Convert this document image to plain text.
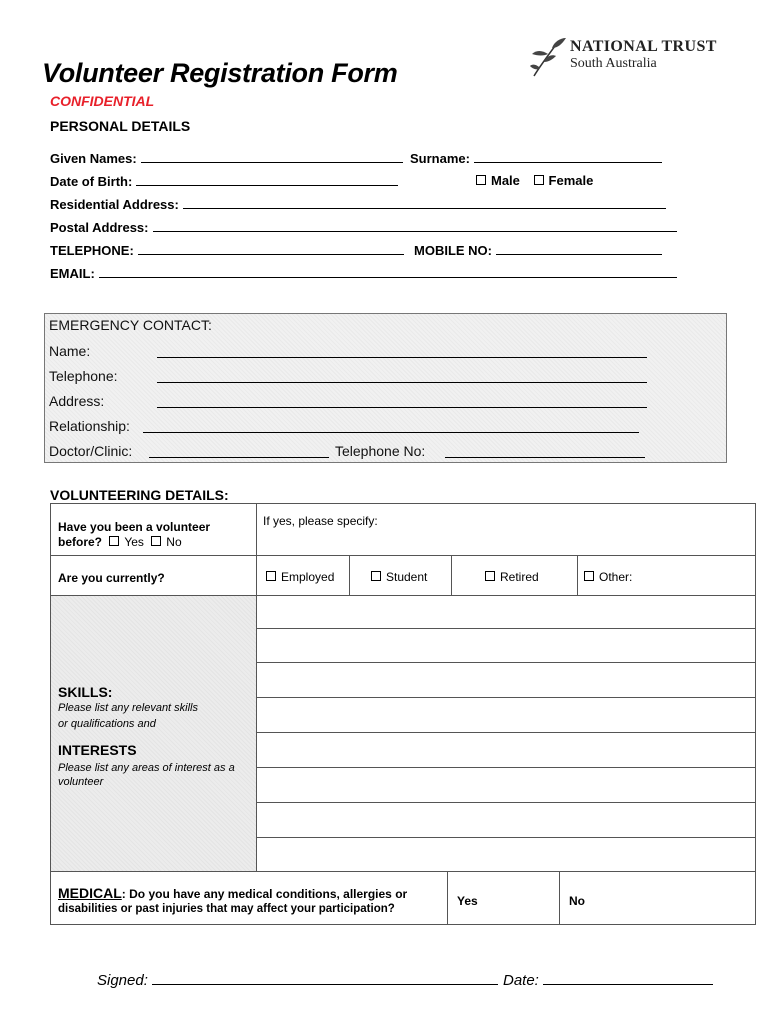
Volunteer Registration Form
CONFIDENTIAL
NATIONAL TRUST
South Australia
PERSONAL DETAILS
Given Names:	Surname:
Date of Birth:	Male Female
Residential Address:
Postal Address:
TELEPHONE:	MOBILE NO:
EMAIL:
EMERGENCY CONTACT:
Name:
Telephone:
Address:
Relationship:
Doctor/Clinic:	Telephone No:
VOLUNTEERING DETAILS:
Have you been a volunteer
before? Yes No
If yes, please specify:
Are you currently?	Employed	Student	Retired	Other:
SKILLS:
Please list any relevant skills
or qualifications and
INTERESTS
Please list any areas of interest as a
volunteer
MEDICAL: Do you have any medical conditions, allergies or
disabilities or past injuries that may affect your participation?
Yes	No
Signed:	Date:
